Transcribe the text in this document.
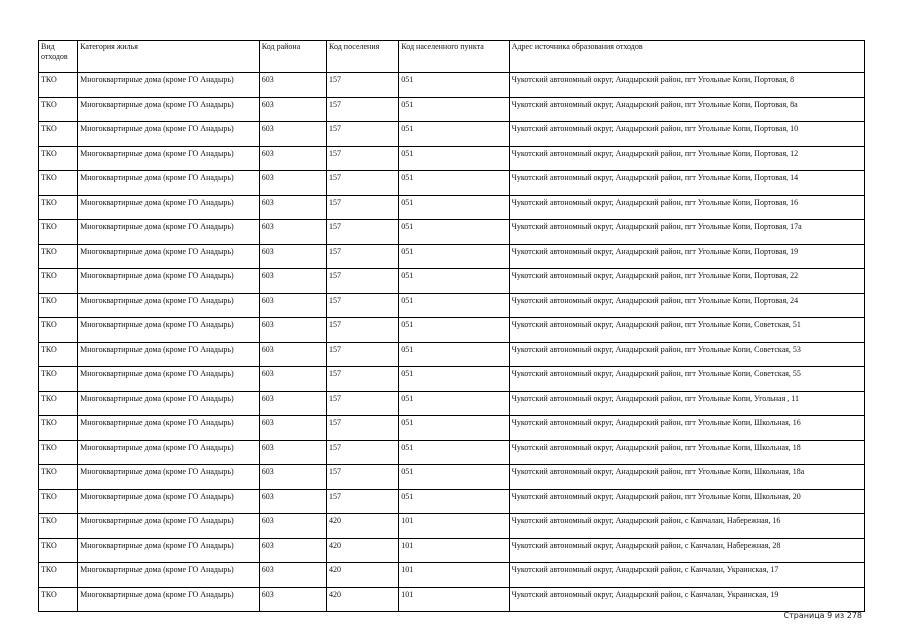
Вид отходов	Категория жилья	Код района	Код поселения	Код населенного пункта	Адрес источника образования отходов
ТКО	Многоквартирные дома (кроме ГО Анадырь)	603	157	051	Чукотский автономный округ, Анадырский район, пгт Угольные Копи, Портовая, 8
ТКО	Многоквартирные дома (кроме ГО Анадырь)	603	157	051	Чукотский автономный округ, Анадырский район, пгт Угольные Копи, Портовая, 8а
ТКО	Многоквартирные дома (кроме ГО Анадырь)	603	157	051	Чукотский автономный округ, Анадырский район, пгт Угольные Копи, Портовая, 10
ТКО	Многоквартирные дома (кроме ГО Анадырь)	603	157	051	Чукотский автономный округ, Анадырский район, пгт Угольные Копи, Портовая, 12
ТКО	Многоквартирные дома (кроме ГО Анадырь)	603	157	051	Чукотский автономный округ, Анадырский район, пгт Угольные Копи, Портовая, 14
ТКО	Многоквартирные дома (кроме ГО Анадырь)	603	157	051	Чукотский автономный округ, Анадырский район, пгт Угольные Копи, Портовая, 16
ТКО	Многоквартирные дома (кроме ГО Анадырь)	603	157	051	Чукотский автономный округ, Анадырский район, пгт Угольные Копи, Портовая, 17а
ТКО	Многоквартирные дома (кроме ГО Анадырь)	603	157	051	Чукотский автономный округ, Анадырский район, пгт Угольные Копи, Портовая, 19
ТКО	Многоквартирные дома (кроме ГО Анадырь)	603	157	051	Чукотский автономный округ, Анадырский район, пгт Угольные Копи, Портовая, 22
ТКО	Многоквартирные дома (кроме ГО Анадырь)	603	157	051	Чукотский автономный округ, Анадырский район, пгт Угольные Копи, Портовая, 24
ТКО	Многоквартирные дома (кроме ГО Анадырь)	603	157	051	Чукотский автономный округ, Анадырский район, пгт Угольные Копи, Советская, 51
ТКО	Многоквартирные дома (кроме ГО Анадырь)	603	157	051	Чукотский автономный округ, Анадырский район, пгт Угольные Копи, Советская, 53
ТКО	Многоквартирные дома (кроме ГО Анадырь)	603	157	051	Чукотский автономный округ, Анадырский район, пгт Угольные Копи, Советская, 55
ТКО	Многоквартирные дома (кроме ГО Анадырь)	603	157	051	Чукотский автономный округ, Анадырский район, пгт Угольные Копи, Угольная , 11
ТКО	Многоквартирные дома (кроме ГО Анадырь)	603	157	051	Чукотский автономный округ, Анадырский район, пгт Угольные Копи, Школьная, 16
ТКО	Многоквартирные дома (кроме ГО Анадырь)	603	157	051	Чукотский автономный округ, Анадырский район, пгт Угольные Копи, Школьная, 18
ТКО	Многоквартирные дома (кроме ГО Анадырь)	603	157	051	Чукотский автономный округ, Анадырский район, пгт Угольные Копи, Школьная, 18а
ТКО	Многоквартирные дома (кроме ГО Анадырь)	603	157	051	Чукотский автономный округ, Анадырский район, пгт Угольные Копи, Школьная, 20
ТКО	Многоквартирные дома (кроме ГО Анадырь)	603	420	101	Чукотский автономный округ, Анадырский район, с Канчалан, Набережная, 16
ТКО	Многоквартирные дома (кроме ГО Анадырь)	603	420	101	Чукотский автономный округ, Анадырский район, с Канчалан, Набережная, 28
ТКО	Многоквартирные дома (кроме ГО Анадырь)	603	420	101	Чукотский автономный округ, Анадырский район, с Канчалан, Украинская, 17
ТКО	Многоквартирные дома (кроме ГО Анадырь)	603	420	101	Чукотский автономный округ, Анадырский район, с Канчалан, Украинская, 19
Страница 9 из 278
